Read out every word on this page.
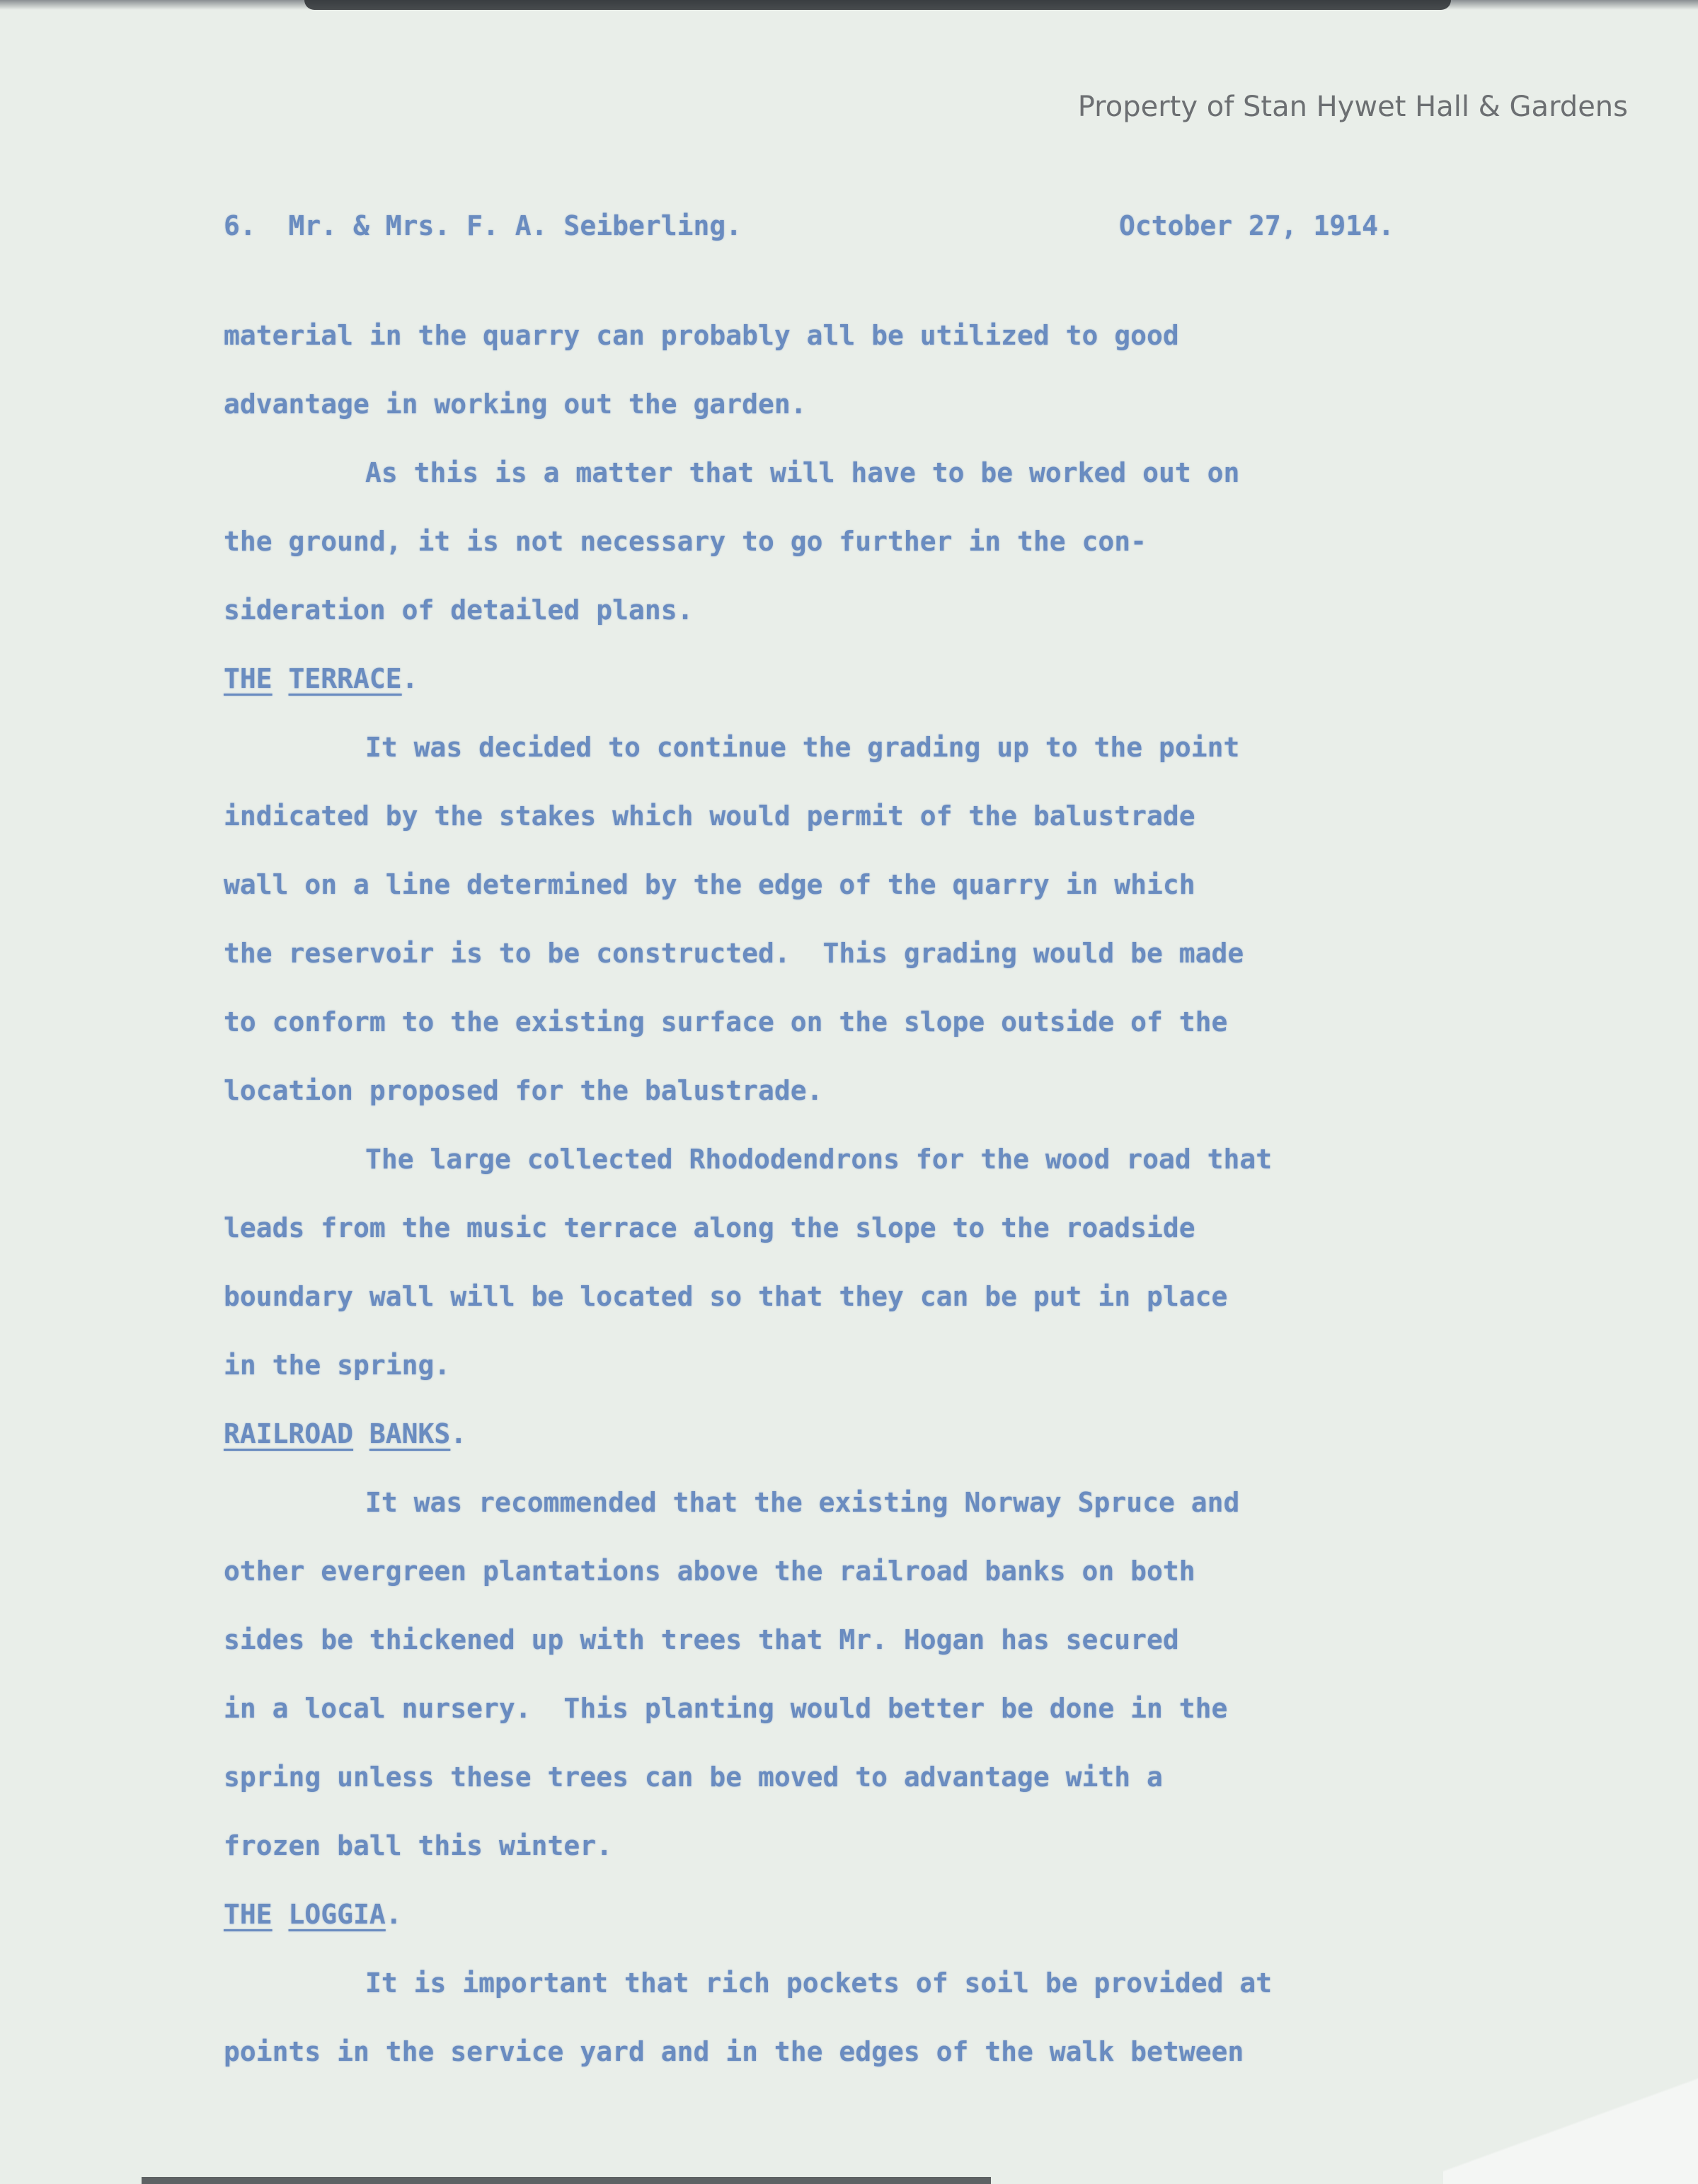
Property of Stan Hywet Hall & Gardens
6.  Mr. & Mrs. F. A. Seiberling.	October 27, 1914.
material in the quarry can probably all be utilized to good
advantage in working out the garden.
As this is a matter that will have to be worked out on
the ground, it is not necessary to go further in the con-
sideration of detailed plans.
THE TERRACE.
It was decided to continue the grading up to the point
indicated by the stakes which would permit of the balustrade
wall on a line determined by the edge of the quarry in which
the reservoir is to be constructed.  This grading would be made
to conform to the existing surface on the slope outside of the
location proposed for the balustrade.
The large collected Rhododendrons for the wood road that
leads from the music terrace along the slope to the roadside
boundary wall will be located so that they can be put in place
in the spring.
RAILROAD BANKS.
It was recommended that the existing Norway Spruce and
other evergreen plantations above the railroad banks on both
sides be thickened up with trees that Mr. Hogan has secured
in a local nursery.  This planting would better be done in the
spring unless these trees can be moved to advantage with a
frozen ball this winter.
THE LOGGIA.
It is important that rich pockets of soil be provided at
points in the service yard and in the edges of the walk between
